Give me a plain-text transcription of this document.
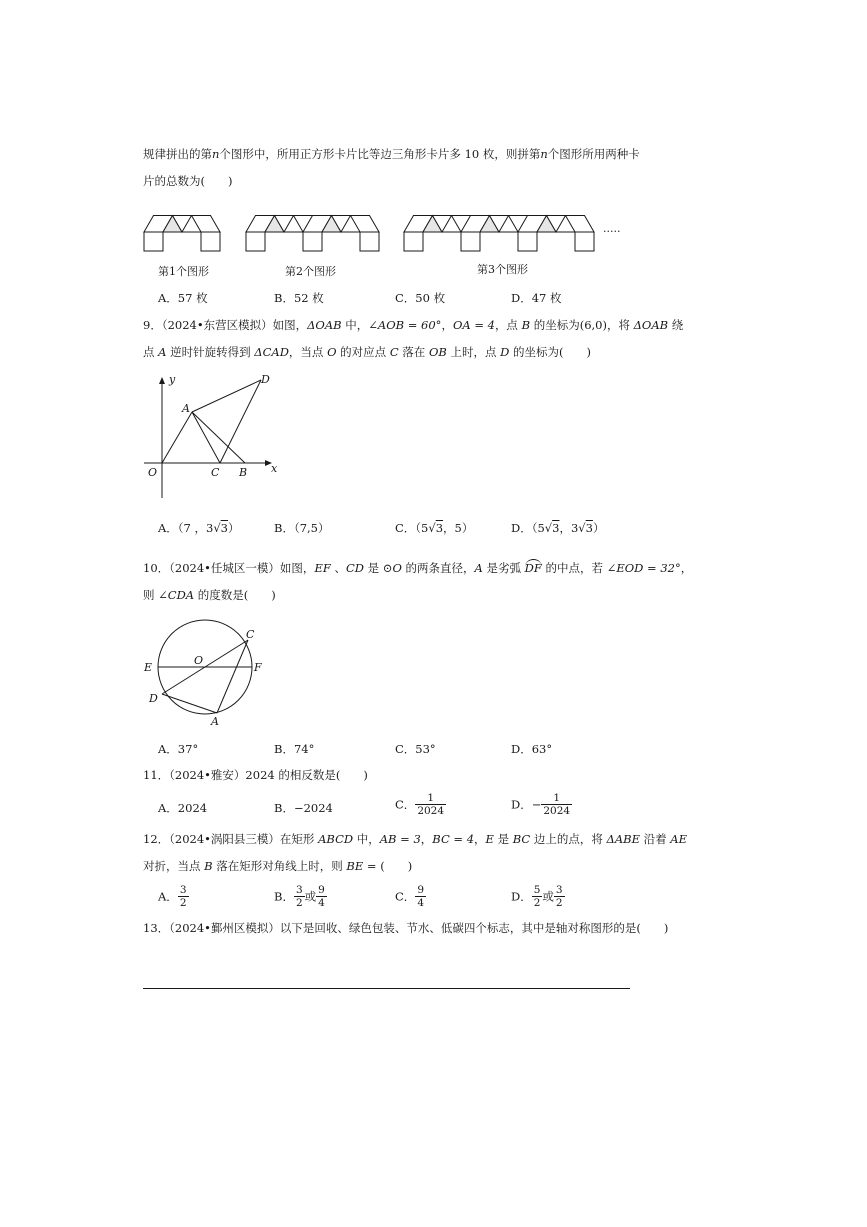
规律拼出的第n个图形中，所用正方形卡片比等边三角形卡片多 10 枚，则拼第n个图形所用两种卡
片的总数为(　　)
第1个图形	第2个图形	第3个图形
·····
A．57 枚	B．52 枚	C．50 枚	D．47 枚
9．（2024•东营区模拟）如图，ΔOAB 中，∠AOB = 60°，OA = 4，点 B 的坐标为(6,0)，将 ΔOAB 绕
点 A 逆时针旋转得到 ΔCAD，当点 O 的对应点 C 落在 OB 上时，点 D 的坐标为(　　)
y
x
O
A
C B
D
A．（7 ，3√3）	B．（7,5）	C．（5√3，5）	D．（5√3，3√3）
10．（2024•任城区一模）如图，EF 、CD 是 ⊙O 的两条直径，A 是劣弧 DF 的中点，若 ∠EOD = 32°，
则 ∠CDA 的度数是(　　)
E
O
F
C
D
A
A．37°	B．74°	C．53°	D．63°
11．（2024•雅安）2024 的相反数是(　　)
A．2024	B．−2024	C． $\frac{1}{2024}$	D．− $\frac{1}{2024}$
12．（2024•涡阳县三模）在矩形 ABCD 中，AB = 3，BC = 4，E 是 BC 边上的点，将 ΔABE 沿着 AE
对折，当点 B 落在矩形对角线上时，则 BE = (　　)
A． $\frac{3}{2}$	B． $\frac{3}{2}$ 或 $\frac{9}{4}$	C． $\frac{9}{4}$	D． $\frac{5}{2}$ 或 $\frac{3}{2}$
13．（2024•鄞州区模拟）以下是回收、绿色包装、节水、低碳四个标志，其中是轴对称图形的是(　　)
